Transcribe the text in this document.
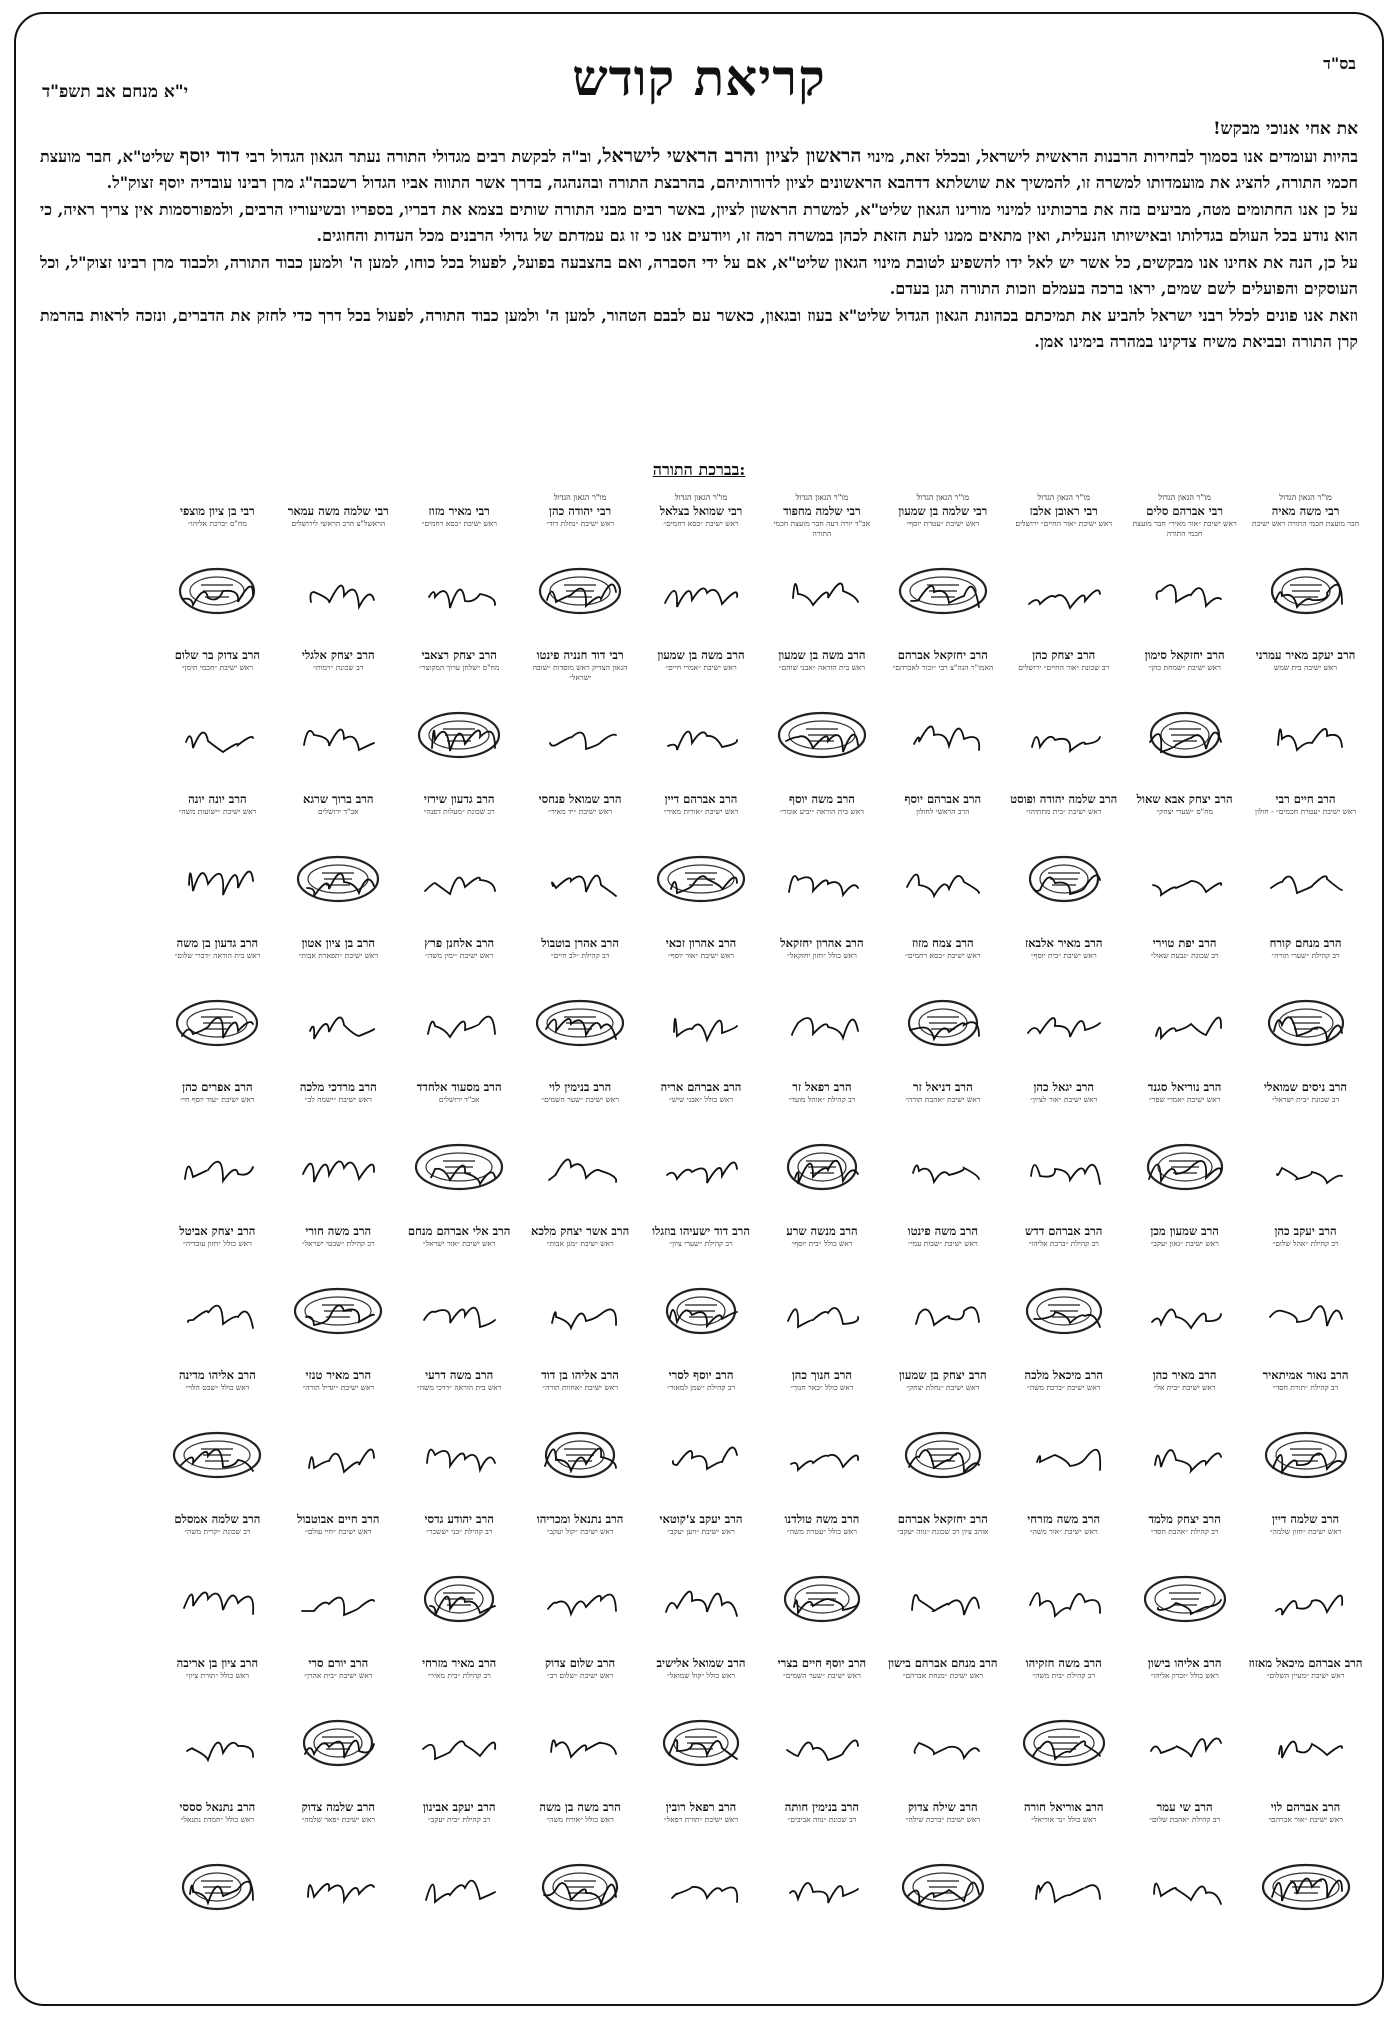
בס"ד
י"א מנחם אב תשפ"ד	קריאת קודש

את אחי אנוכי מבקש!

בהיות ועומדים אנו בסמוך לבחירות הרבנות הראשית לישראל, ובכלל זאת, מינוי הראשון לציון והרב הראשי לישראל, וב"ה לבקשת רבים מגדולי התורה נעתר הגאון הגדול רבי דוד יוסף שליט"א, חבר מועצת חכמי התורה, להציג את מועמדותו למשרה זו, להמשיך את שושלתא דדהבא הראשונים לציון לדורותיהם, בהרבצת התורה ובהנהגה, בדרך אשר התווה אביו הגדול רשכבה"ג מרן רבינו עובדיה יוסף זצוק"ל.

על כן אנו החתומים מטה, מביעים בזה את ברכותינו למינוי מורינו הגאון שליט"א, למשרת הראשון לציון, באשר רבים מבני התורה שותים בצמא את דבריו, בספריו ובשיעוריו הרבים, ולמפורסמות אין צריך ראיה, כי הוא נודע בכל העולם בגדלותו ובאישיותו הנעלית, ואין מתאים ממנו לעת הזאת לכהן במשרה רמה זו, ויודעים אנו כי זו גם עמדתם של גדולי הרבנים מכל העדות והחוגים.

על כן, הנה את אחינו אנו מבקשים, כל אשר יש לאל ידו להשפיע לטובת מינוי הגאון שליט"א, אם על ידי הסברה, ואם בהצבעה בפועל, לפעול בכל כוחו, למען ה' ולמען כבוד התורה, ולכבוד מרן רבינו זצוק"ל, וכל העוסקים והפועלים לשם שמים, יראו ברכה בעמלם וזכות התורה תגן בעדם.

וזאת אנו פונים לכלל רבני ישראל להביע את תמיכתם בכהונת הגאון הגדול שליט"א בעוז ובגאון, כאשר עם לבבם הטהור, למען ה' ולמען כבוד התורה, לפעול בכל דרך כדי לחזק את הדברים, ונזכה לראות בהרמת קרן התורה ובביאת משיח צדקינו במהרה בימינו אמן.

בברכת התורה:
מו"ר הגאון הגדול
רבי משה מאיה
חבר מועצת חכמי התורה ראש ישיבת
מו"ר הגאון הגדול
רבי אברהם סלים
ראש ישיבת ״אור מאיר״ חבר מועצת חכמי התורה
מו"ר הגאון הגדול
רבי ראובן אלבז
ראש ישיבת ״אור החיים״ ירושלים
מו"ר הגאון הגדול
רבי שלמה בן שמעון
ראש ישיבת ״עטרת יוסף״
מו"ר הגאון הגדול
רבי שלמה מחפוד
אב"ד יורה דעה חבר מועצת חכמי התורה
מו"ר הגאון הגדול
רבי שמואל בצלאל
ראש ישיבת ״כסא רחמים״
מו"ר הגאון הגדול
רבי יהודה כהן
ראש ישיבת ״נחלת דוד״
רבי מאיר מזוז
ראש ישיבת ״כסא רחמים״
רבי שלמה משה עמאר
הראשל"צ הרב הראשי לירושלים
רבי בן ציון מוצפי
מח"ס ״ברכת אליהו״
הרב יעקב מאיר עמרני
ראש ישיבה בית שמש
הרב יחזקאל סימון
ראש ישיבת ״שמחת כהן״
הרב יצחק כהן
רב שכונת ״אור החיים״ ירושלים
הרב יחזקאל אברהם
האמו"ר הגה"צ רבי ״זכור לאברהם״
הרב משה בן שמעון
ראש בית הוראה ״אבני שוהם״
הרב משה בן שמעון
ראש ישיבת ״אמרי חיים״
רבי דוד חנניה פינטו
הגאון הצדיק ראש מוסדות ״שובה ישראל״
הרב יצחק רצאבי
מח"ס ״שלחן ערוך המקוצר״
הרב יצחק אלגלי
רב שכונת ״רמות״
הרב צדוק בר שלום
ראש ישיבת ״חכמי תימן״
הרב חיים רבי
ראש ישיבת ״עטרת חכמים״ - חולון
הרב יצחק אבא שאול
מח"ס ״שערי יצחק״
הרב שלמה יהודה ופוסט
ראש ישיבת ״בית מתתיהו״
הרב אברהם יוסף
הרב הראשי לחולון
הרב משה יוסף
ראש בית הוראה ״יביע אומר״
הרב אברהם דיין
ראש ישיבת ״אורות מאיר״
הרב שמואל פנחסי
ראש ישיבת ״יד מאיר״
הרב גדעון שירזי
רב שכונת ״מעלות דפנה״
הרב ברוך שרגא
אב"ד ירושלים
הרב יונה יונה
ראש ישיבת ״ישועות משה״
הרב מנחם קורח
רב קהילת ״שערי תורה״
הרב יפת טוירי
רב שכונת ״גבעת שאול״
הרב מאיר אלבאז
ראש ישיבת ״בית יוסף״
הרב צמח מזוז
ראש ישיבת ״כסא רחמים״
הרב אהרון יחזקאל
ראש כולל ״חזון יחזקאל״
הרב אהרון זכאי
ראש ישיבת ״אור יוסף״
הרב אהרן בוטבול
רב קהילת ״לב חיים״
הרב אלחנן פרץ
ראש ישיבת ״ימין משה״
הרב בן ציון אטון
ראש ישיבת ״תפארת אבות״
הרב גדעון בן משה
ראש בית הוראה ״דברי שלום״
הרב ניסים שמואלי
רב שכונת ״בית ישראל״
הרב נוריאל סגנד
ראש ישיבת ״אמרי שפר״
הרב יגאל כהן
ראש ישיבת ״אור לציון״
הרב דניאל זר
ראש ישיבת ״אהבת תורה״
הרב רפאל זר
רב קהילת ״אוהל מועד״
הרב אברהם אריה
ראש כולל ״אבני שיש״
הרב בנימין לוי
ראש ישיבת ״שער השמים״
הרב מסעוד אלחדד
אב"ד ירושלים
הרב מרדכי מלכה
ראש ישיבת ״ישמח לב״
הרב אפרים כהן
ראש ישיבת ״עוד יוסף חי״
הרב יעקב כהן
רב קהילת ״אהל שלום״
הרב שמעון מכן
ראש ישיבת ״גאון יעקב״
הרב אברהם דדש
רב קהילת ״ברכת אליהו״
הרב משה פינטו
ראש ישיבת ״שבות עמי״
הרב מנשה שרע
ראש כולל ״בית יוסף״
הרב דוד ישעיהו בוזגלו
רב קהילת ״שערי ציון״
הרב אשר יצחק מלכא
ראש ישיבת ״מגן אבות״
הרב אלי אברהם מנחם
ראש ישיבת ״אור ישראל״
הרב משה חורי
רב קהילת ״שבטי ישראל״
הרב יצחק אביטל
ראש כולל ״חזון עובדיה״
הרב נאור אמיתאיר
רב קהילת ״תורת חסד״
הרב מאיר כהן
ראש ישיבת ״בית אל״
הרב מיכאל מלכה
ראש ישיבת ״ברכת משה״
הרב יצחק בן שמעון
ראש ישיבת ״נחלת יצחק״
הרב חנוך כהן
ראש כולל ״באר חנוך״
הרב יוסף לסרי
רב קהילת ״שמן למאור״
הרב אליהו בן דוד
ראש ישיבת ״אחוות תורה״
הרב משה דרעי
ראש בית הוראה ״דרכי משה״
הרב מאיר טנזי
ראש ישיבת ״יגדיל תורה״
הרב אליהו מדינה
ראש כולל ״שבט הלוי״
הרב שלמה דיין
ראש ישיבת ״חזון שלמה״
הרב יצחק מלמד
רב קהילת ״אהבת חסד״
הרב משה מזרחי
ראש ישיבת ״אור משה״
הרב יחזקאל אברהם
אוהב ציון רב שכונת ״נווה יעקב״
הרב משה טולדנו
ראש כולל ״עטרת משה״
הרב יעקב צ'קוטאי
ראש ישיבת ״ויען יעקב״
הרב נתנאל ומכריהו
ראש ישיבת ״קול יעקב״
הרב יהודע גדסי
רב קהילת ״בני יששכר״
הרב חיים אבוטבול
ראש ישיבת ״חיי עולם״
הרב שלמה אמסלם
רב שכונת ״קרית משה״
הרב אברהם מיכאל מאזוז
ראש ישיבת ״מעיין השלום״
הרב אליהו בישון
ראש כולל ״זכרון אליהו״
הרב משה חזקיהו
רב קהילת ״בית משה״
הרב מנחם אברהם בישון
ראש ישיבת ״מנחת אברהם״
הרב יוסף חיים בצרי
ראש ישיבת ״שער השמים״
הרב שמואל אלישיב
ראש כולל ״קול שמואל״
הרב שלום צדוק
ראש ישיבת ״שלום רב״
הרב מאיר מזרחי
רב קהילת ״בית מאיר״
הרב יורם סרי
ראש ישיבת ״בית אהרן״
הרב ציון בן אריבה
ראש כולל ״תורת ציון״
הרב אברהם לוי
ראש ישיבת ״אור אברהם״
הרב שי עמר
רב קהילת ״אהבת שלום״
הרב אוריאל חורה
ראש כולל ״נר אוריאל״
הרב שילה צדוק
ראש ישיבת ״ברכת שילה״
הרב בנימין חותה
רב שכונת ״נווה אביבים״
הרב רפאל רובין
ראש ישיבת ״תורת רפאל״
הרב משה בן משה
ראש כולל ״אורח משה״
הרב יעקב אבינון
רב קהילת ״בית יעקב״
הרב שלמה צדוק
ראש ישיבת ״פאר שלמה״
הרב נתנאל סססי
ראש כולל ״חמדת נתנאל״
